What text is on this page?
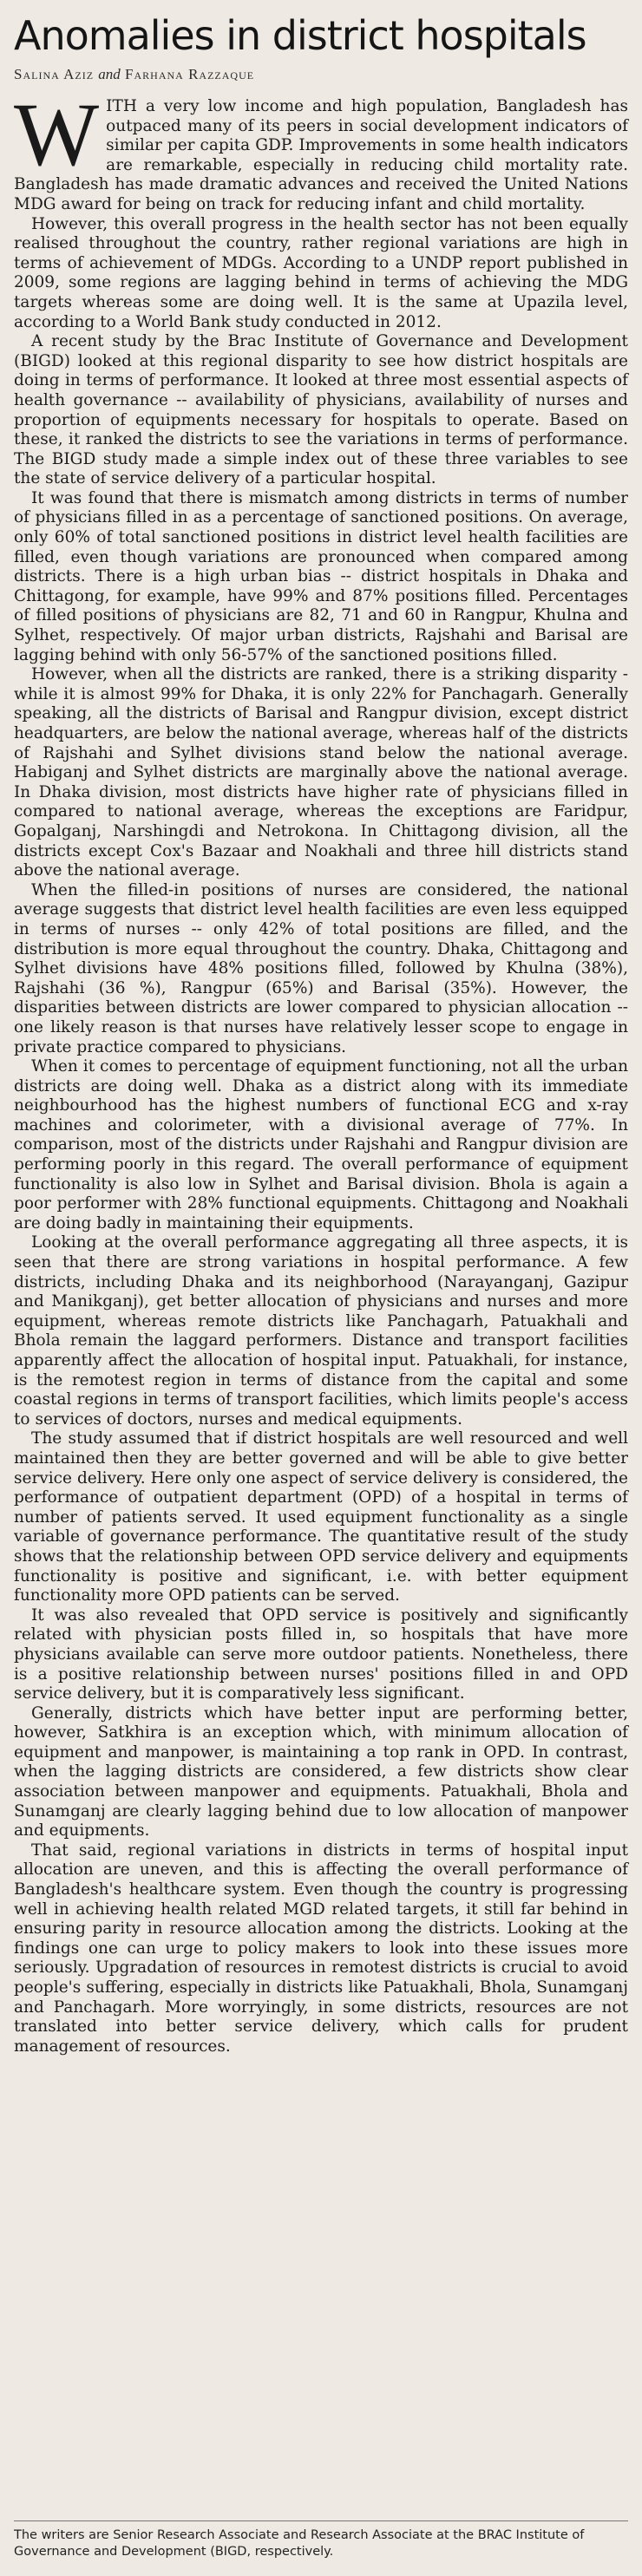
Anomalies in district hospitals
Salina Aziz and Farhana Razzaque

WITH a very low income and high population, Bangladesh has outpaced many of its peers in social development indicators of similar per capita GDP. Improvements in some health indicators are remarkable, especially in reducing child mortality rate. Bangladesh has made dramatic advances and received the United Nations MDG award for being on track for reducing infant and child mortality.

However, this overall progress in the health sector has not been equally realised throughout the country, rather regional variations are high in terms of achievement of MDGs. According to a UNDP report published in 2009, some regions are lagging behind in terms of achieving the MDG targets whereas some are doing well. It is the same at Upazila level, according to a World Bank study conducted in 2012.

A recent study by the Brac Institute of Governance and Development (BIGD) looked at this regional disparity to see how district hospitals are doing in terms of performance. It looked at three most essential aspects of health governance -- availability of physicians, availability of nurses and proportion of equipments necessary for hospitals to operate. Based on these, it ranked the districts to see the variations in terms of performance. The BIGD study made a simple index out of these three variables to see the state of service delivery of a particular hospital.

It was found that there is mismatch among districts in terms of number of physicians filled in as a percentage of sanctioned positions. On average, only 60% of total sanctioned positions in district level health facilities are filled, even though variations are pronounced when compared among districts. There is a high urban bias -- district hospitals in Dhaka and Chittagong, for example, have 99% and 87% positions filled. Percentages of filled positions of physicians are 82, 71 and 60 in Rangpur, Khulna and Sylhet, respectively. Of major urban districts, Rajshahi and Barisal are lagging behind with only 56-57% of the sanctioned positions filled.

However, when all the districts are ranked, there is a striking disparity - while it is almost 99% for Dhaka, it is only 22% for Panchagarh. Generally speaking, all the districts of Barisal and Rangpur division, except district headquarters, are below the national average, whereas half of the districts of Rajshahi and Sylhet divisions stand below the national average. Habiganj and Sylhet districts are marginally above the national average. In Dhaka division, most districts have higher rate of physicians filled in compared to national average, whereas the exceptions are Faridpur, Gopalganj, Narshingdi and Netrokona. In Chittagong division, all the districts except Cox's Bazaar and Noakhali and three hill districts stand above the national average.

When the filled-in positions of nurses are considered, the national average suggests that district level health facilities are even less equipped in terms of nurses -- only 42% of total positions are filled, and the distribution is more equal throughout the country. Dhaka, Chittagong and Sylhet divisions have 48% positions filled, followed by Khulna (38%), Rajshahi (36 %), Rangpur (65%) and Barisal (35%). However, the disparities between districts are lower compared to physician allocation -- one likely reason is that nurses have relatively lesser scope to engage in private practice compared to physicians.

When it comes to percentage of equipment functioning, not all the urban districts are doing well. Dhaka as a district along with its immediate neighbourhood has the highest numbers of functional ECG and x-ray machines and colorimeter, with a divisional average of 77%. In comparison, most of the districts under Rajshahi and Rangpur division are performing poorly in this regard. The overall performance of equipment functionality is also low in Sylhet and Barisal division. Bhola is again a poor performer with 28% functional equipments. Chittagong and Noakhali are doing badly in maintaining their equipments.

Looking at the overall performance aggregating all three aspects, it is seen that there are strong variations in hospital performance. A few districts, including Dhaka and its neighborhood (Narayanganj, Gazipur and Manikganj), get better allocation of physicians and nurses and more equipment, whereas remote districts like Panchagarh, Patuakhali and Bhola remain the laggard performers. Distance and transport facilities apparently affect the allocation of hospital input. Patuakhali, for instance, is the remotest region in terms of distance from the capital and some coastal regions in terms of transport facilities, which limits people's access to services of doctors, nurses and medical equipments.

The study assumed that if district hospitals are well resourced and well maintained then they are better governed and will be able to give better service delivery. Here only one aspect of service delivery is considered, the performance of outpatient department (OPD) of a hospital in terms of number of patients served. It used equipment functionality as a single variable of governance performance. The quantitative result of the study shows that the relationship between OPD service delivery and equipments functionality is positive and significant, i.e. with better equipment functionality more OPD patients can be served.

It was also revealed that OPD service is positively and significantly related with physician posts filled in, so hospitals that have more physicians available can serve more outdoor patients. Nonetheless, there is a positive relationship between nurses' positions filled in and OPD service delivery, but it is comparatively less significant.

Generally, districts which have better input are performing better, however, Satkhira is an exception which, with minimum allocation of equipment and manpower, is maintaining a top rank in OPD. In contrast, when the lagging districts are considered, a few districts show clear association between manpower and equipments. Patuakhali, Bhola and Sunamganj are clearly lagging behind due to low allocation of manpower and equipments.

That said, regional variations in districts in terms of hospital input allocation are uneven, and this is affecting the overall performance of Bangladesh's healthcare system. Even though the country is progressing well in achieving health related MGD related targets, it still far behind in ensuring parity in resource allocation among the districts. Looking at the findings one can urge to policy makers to look into these issues more seriously. Upgradation of resources in remotest districts is crucial to avoid people's suffering, especially in districts like Patuakhali, Bhola, Sunamganj and Panchagarh. More worryingly, in some districts, resources are not translated into better service delivery, which calls for prudent management of resources.

The writers are Senior Research Associate and Research Associate at the BRAC Institute of Governance and Development (BIGD, respectively.
